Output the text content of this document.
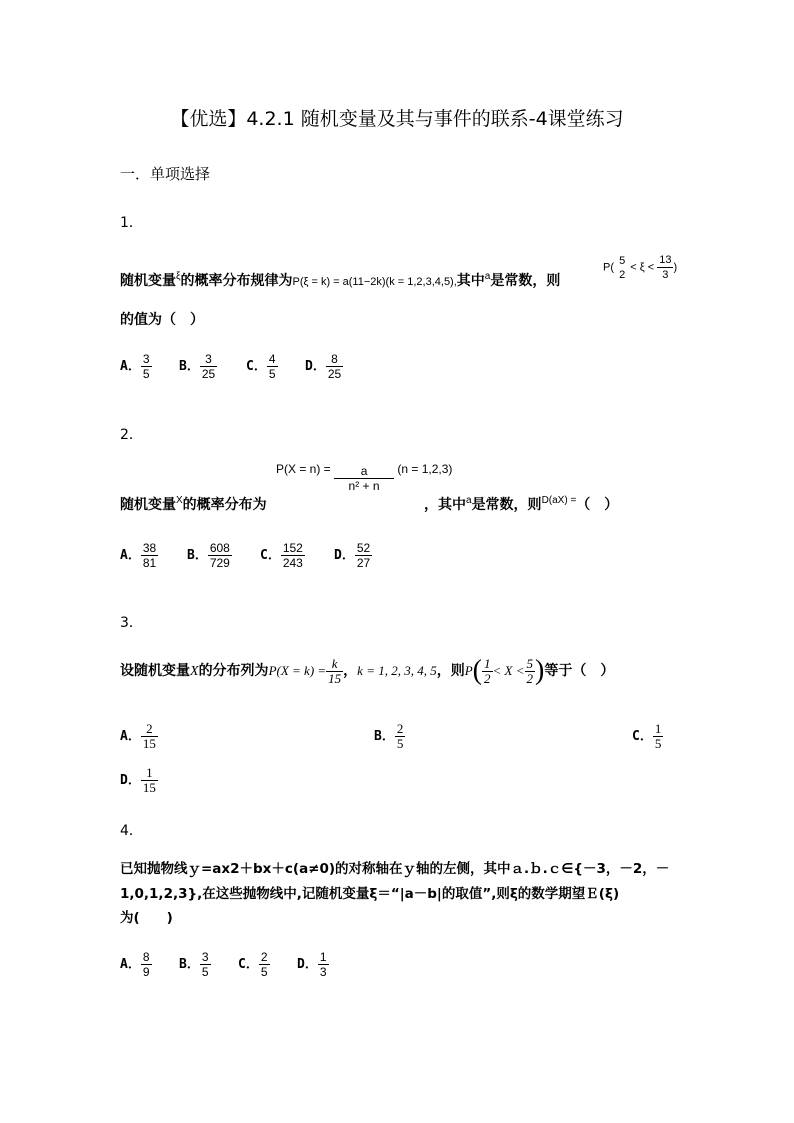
【优选】4.2.1 随机变量及其与事件的联系-4课堂练习
一．单项选择
1．
随机变量$^\xi$的概率分布规律为P(ξ = k) = a(11−2k)(k = 1,2,3,4,5),其中$^a$是常数，则
P(
5
2
< $\xi < \frac{13}{3}$ )
的值为（　）
A． $\frac{3}{5}$ B． $\frac{3}{25}$ C． $\frac{4}{5}$ D． $\frac{8}{25}$
2．
随机变量$^X$的概率分布为
$P(X = n) = \frac{a}{\text{n² + n}} (n = 1,2,3)$
，其中$^a$是常数，则$^{D(aX) =}$（　）
A． $\frac{38}{81}$ B． $\frac{608}{729}$ C． $\frac{152}{243}$ D． $\frac{52}{27}$
3．
设随机变量X的分布列为$P(X = k) = \frac{k}{15}$ ，k = 1, 2, 3, 4, 5，则$P( \frac{1}{2} < X < \frac{5}{2}$ )等于（　）
A． $\frac{2}{15}$	B． $\frac{2}{5}$	C． $\frac{1}{5}$
D． $\frac{1}{15}$
4．
已知抛物线ｙ=ax2＋bx＋c(a≠0)的对称轴在ｙ轴的左侧，其中ａ.ｂ.ｃ∈{－3，－2，－
1,0,1,2,3},在这些抛物线中,记随机变量ξ＝“|a－b|的取值”,则ξ的数学期望Ｅ(ξ)
为(　　)
A． $\frac{8}{9}$ B． $\frac{3}{5}$ C． $\frac{2}{5}$ D． $\frac{1}{3}$
